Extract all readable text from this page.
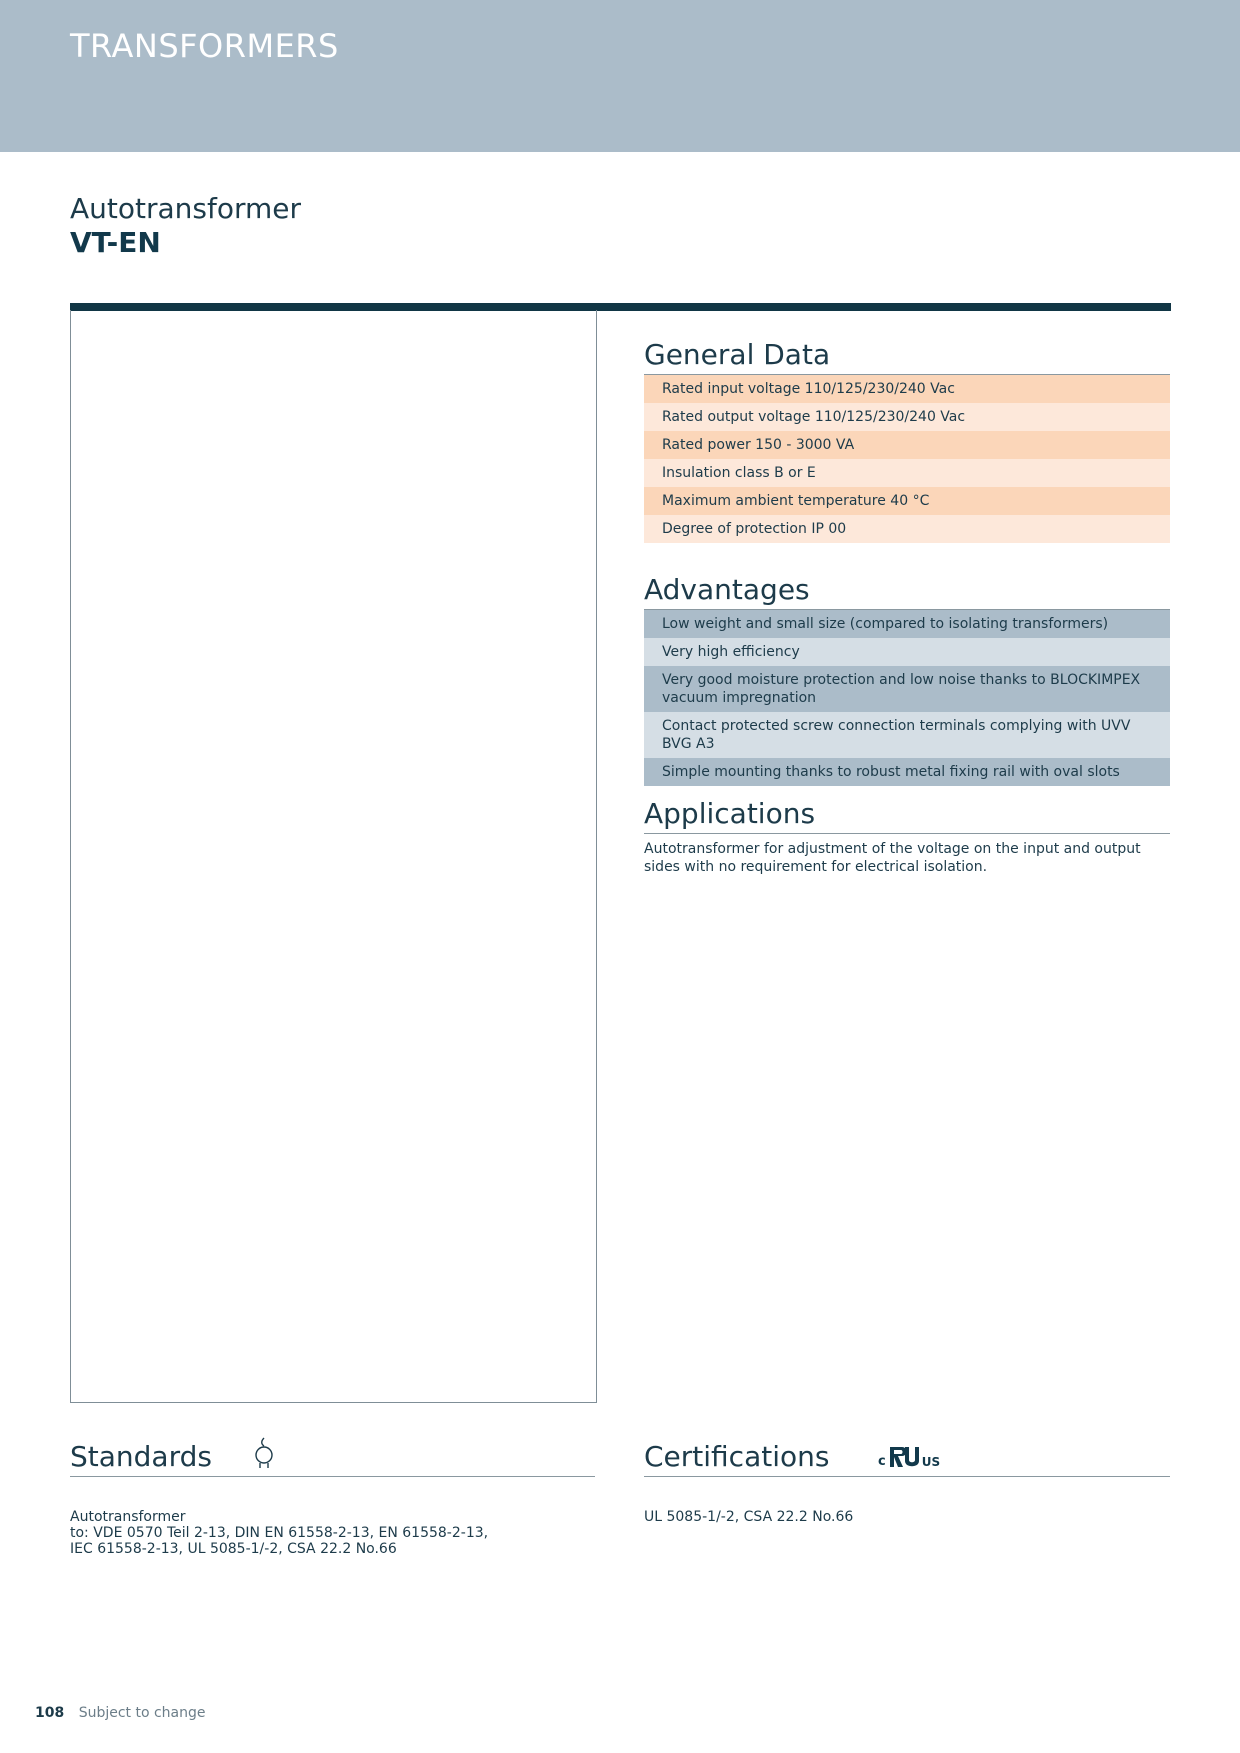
TRANSFORMERS
Autotransformer
VT-EN
General Data
Rated input voltage 110/125/230/240 Vac
Rated output voltage 110/125/230/240 Vac
Rated power 150 - 3000 VA
Insulation class B or E
Maximum ambient temperature 40 °C
Degree of protection IP 00
Advantages
Low weight and small size (compared to isolating transformers)
Very high efficiency
Very good moisture protection and low noise thanks to BLOCKIMPEX vacuum impregnation
Contact protected screw connection terminals complying with UVV BVG A3
Simple mounting thanks to robust metal fixing rail with oval slots
Applications
Autotransformer for adjustment of the voltage on the input and output sides with no requirement for electrical isolation.
Standards
Autotransformer
to: VDE 0570 Teil 2-13, DIN EN 61558-2-13, EN 61558-2-13,
IEC 61558-2-13, UL 5085-1/-2, CSA 22.2 No.66
Certifications	c	US
UL 5085-1/-2, CSA 22.2 No.66
108 Subject to change
